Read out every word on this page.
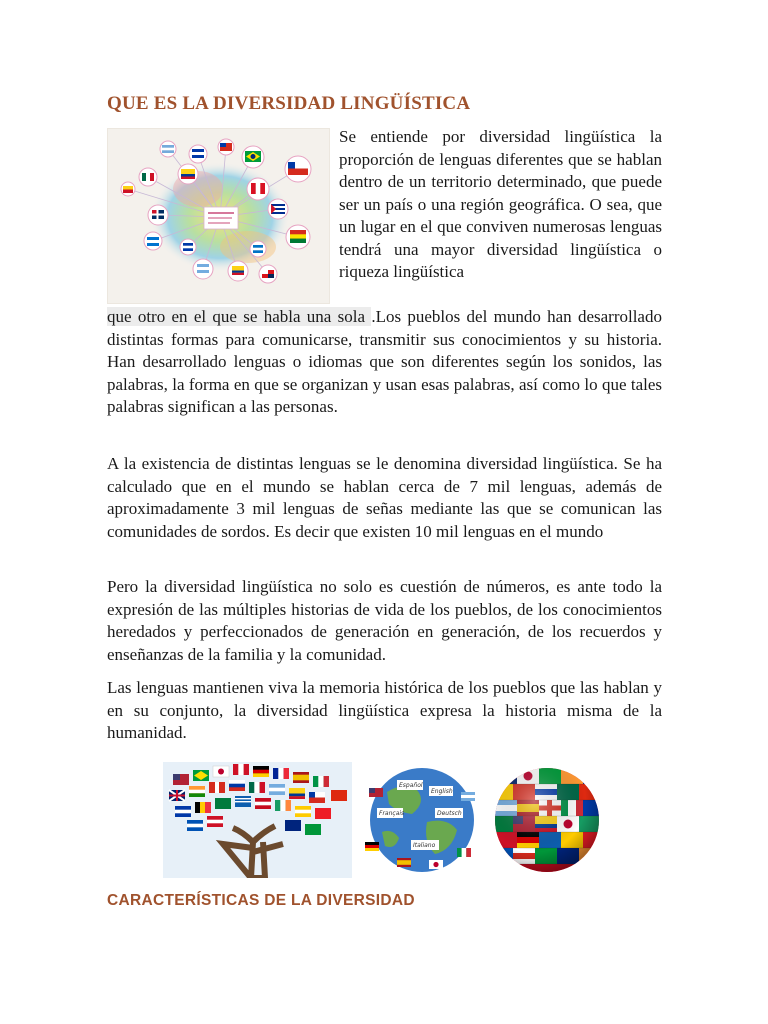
QUE ES LA DIVERSIDAD LINGÜÍSTICA

Se entiende por diversidad lingüística la proporción de lenguas diferentes que se hablan dentro de un territorio determinado, que puede ser un país o una región geográfica. O sea, que un lugar en el que conviven numerosas lenguas tendrá una mayor diversidad lingüística o riqueza lingüística

que otro en el que se habla una sola .Los pueblos del mundo han desarrollado distintas formas para comunicarse, transmitir sus conocimientos y su historia. Han desarrollado lenguas o idiomas que son diferentes según los sonidos, las palabras, la forma en que se organizan y usan esas palabras, así como lo que tales palabras significan a las personas.

A la existencia de distintas lenguas se le denomina diversidad lingüística. Se ha calculado que en el mundo se hablan cerca de 7 mil lenguas, además de aproximadamente 3 mil lenguas de señas mediante las que se comunican las comunidades de sordos. Es decir que existen 10 mil lenguas en el mundo

Pero la diversidad lingüística no solo es cuestión de números, es ante todo la expresión de las múltiples historias de vida de los pueblos, de los conocimientos heredados y perfeccionados de generación en generación, de los recuerdos y enseñanzas de la familia y la comunidad.

Las lenguas mantienen viva la memoria histórica de los pueblos que las hablan y en su conjunto, la diversidad lingüística expresa la historia misma de la humanidad.

Español
English
Français	Deutsch
Italiano
CARACTERÍSTICAS DE LA DIVERSIDAD
